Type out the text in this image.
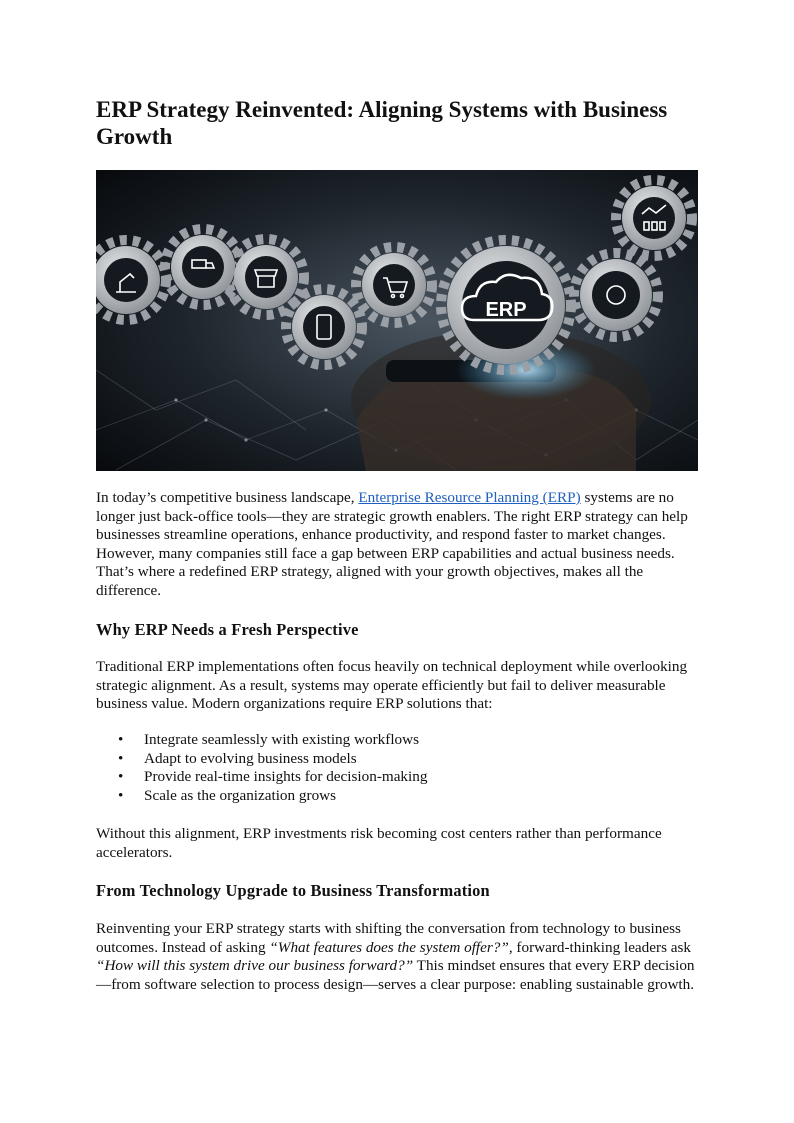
ERP Strategy Reinvented: Aligning Systems with Business Growth
ERP

In today’s competitive business landscape, Enterprise Resource Planning (ERP) systems are no longer just back-office tools—they are strategic growth enablers. The right ERP strategy can help businesses streamline operations, enhance productivity, and respond faster to market changes. However, many companies still face a gap between ERP capabilities and actual business needs. That’s where a redefined ERP strategy, aligned with your growth objectives, makes all the difference.

Why ERP Needs a Fresh Perspective

Traditional ERP implementations often focus heavily on technical deployment while overlooking strategic alignment. As a result, systems may operate efficiently but fail to deliver measurable business value. Modern organizations require ERP solutions that:

• Integrate seamlessly with existing workflows
• Adapt to evolving business models
• Provide real-time insights for decision-making
• Scale as the organization grows

Without this alignment, ERP investments risk becoming cost centers rather than performance accelerators.

From Technology Upgrade to Business Transformation

Reinventing your ERP strategy starts with shifting the conversation from technology to business outcomes. Instead of asking “What features does the system offer?”, forward-thinking leaders ask “How will this system drive our business forward?” This mindset ensures that every ERP decision—from software selection to process design—serves a clear purpose: enabling sustainable growth.
